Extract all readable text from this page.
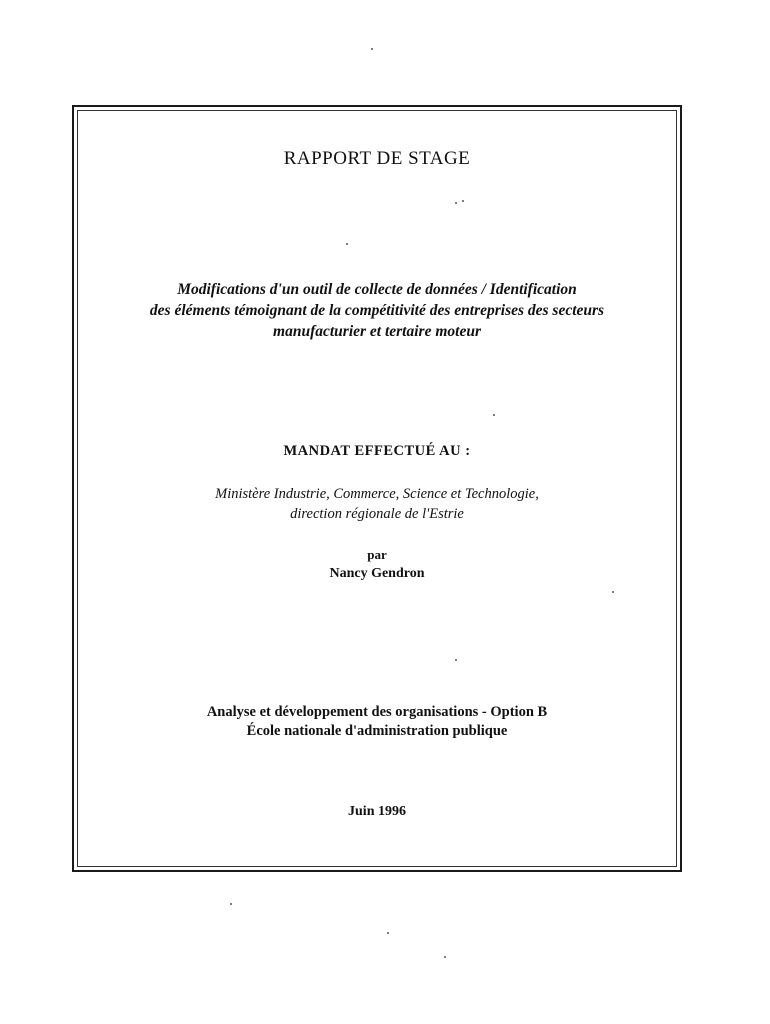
RAPPORT DE STAGE
Modifications d'un outil de collecte de données / Identification
des éléments témoignant de la compétitivité des entreprises des secteurs
manufacturier et tertaire moteur
MANDAT EFFECTUÉ AU :
Ministère Industrie, Commerce, Science et Technologie,
direction régionale de l'Estrie
par
Nancy Gendron
Analyse et développement des organisations - Option B
École nationale d'administration publique
Juin 1996
